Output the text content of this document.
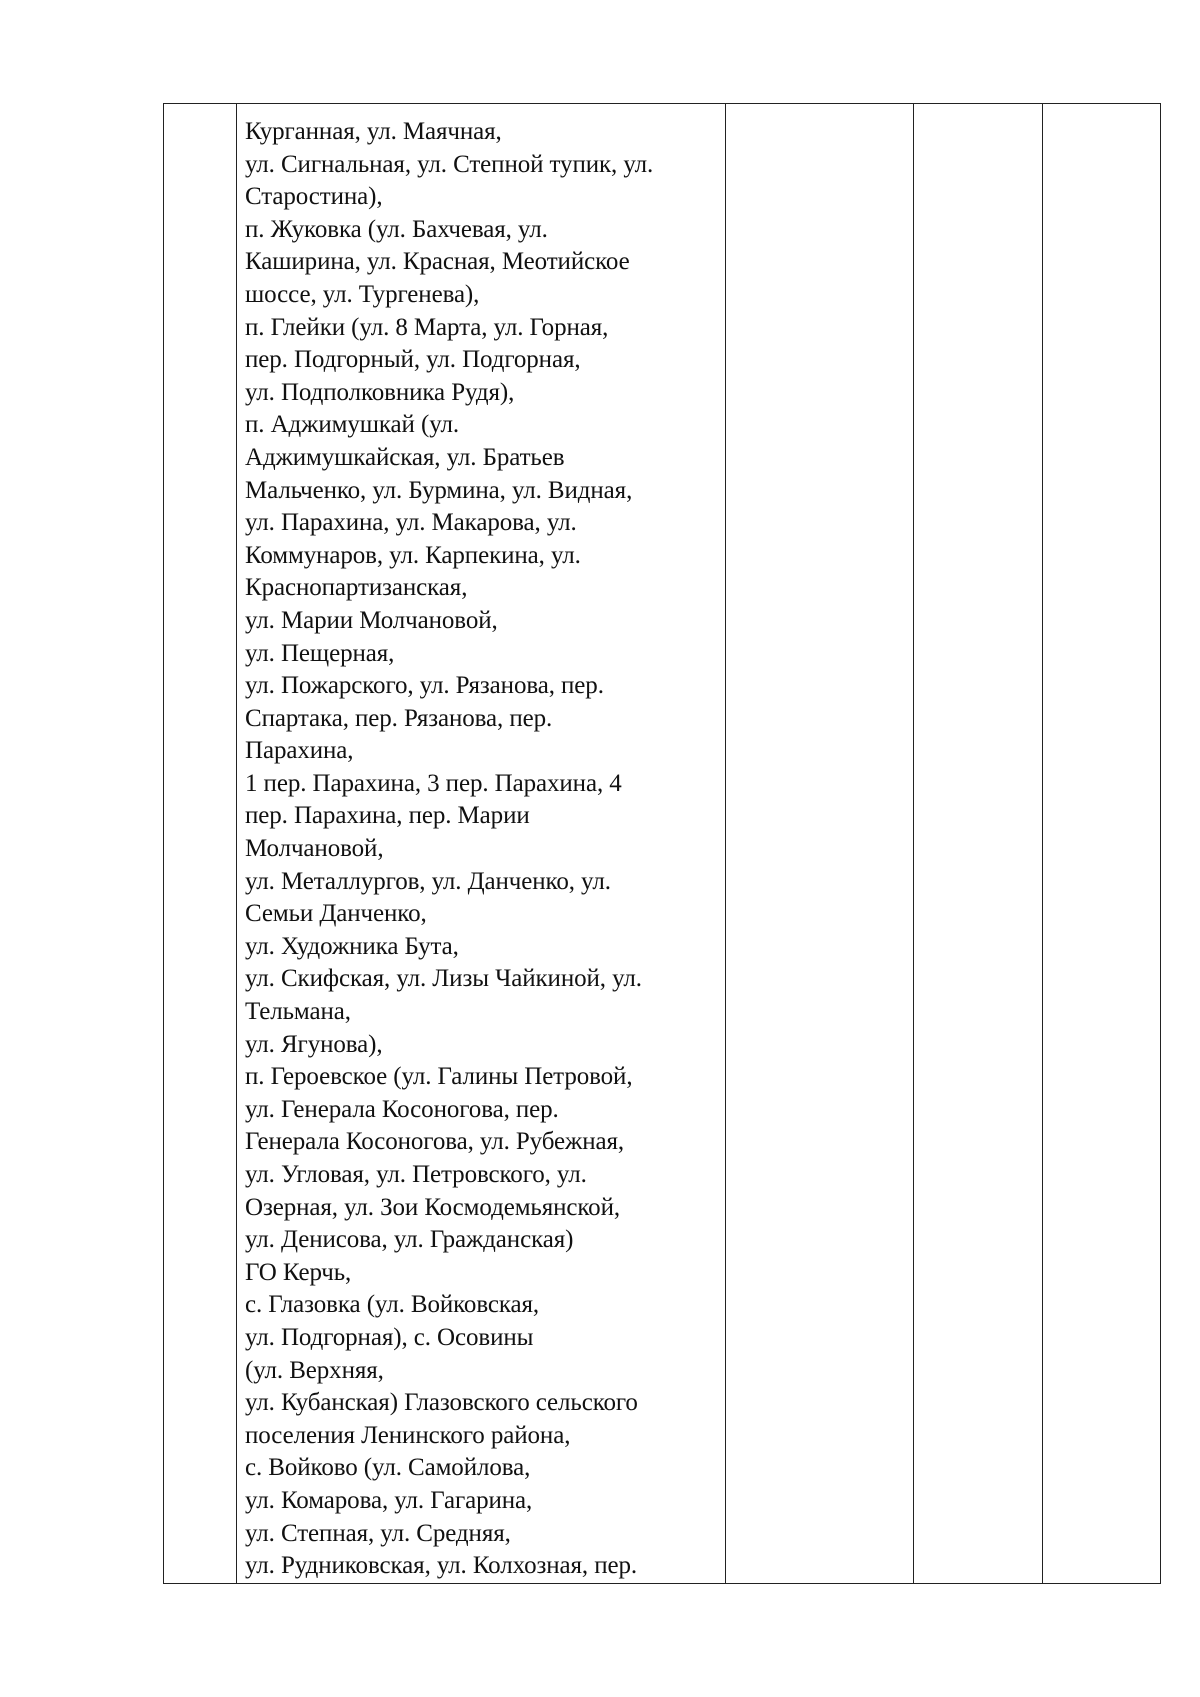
Курганная, ул. Маячная,
ул. Сигнальная, ул. Степной тупик, ул.
Старостина),
п. Жуковка (ул. Бахчевая, ул.
Каширина, ул. Красная, Меотийское
шоссе, ул. Тургенева),
п. Глейки (ул. 8 Марта, ул. Горная,
пер. Подгорный, ул. Подгорная,
ул. Подполковника Рудя),
п. Аджимушкай (ул.
Аджимушкайская, ул. Братьев
Мальченко, ул. Бурмина, ул. Видная,
ул. Парахина, ул. Макарова, ул.
Коммунаров, ул. Карпекина, ул.
Краснопартизанская,
ул. Марии Молчановой,
ул. Пещерная,
ул. Пожарского, ул. Рязанова, пер.
Спартака, пер. Рязанова, пер.
Парахина,
1 пер. Парахина, 3 пер. Парахина, 4
пер. Парахина, пер. Марии
Молчановой,
ул. Металлургов, ул. Данченко, ул.
Семьи Данченко,
ул. Художника Бута,
ул. Скифская, ул. Лизы Чайкиной, ул.
Тельмана,
ул. Ягунова),
п. Героевское (ул. Галины Петровой,
ул. Генерала Косоногова, пер.
Генерала Косоногова, ул. Рубежная,
ул. Угловая, ул. Петровского, ул.
Озерная, ул. Зои Космодемьянской,
ул. Денисова, ул. Гражданская)
ГО Керчь,
с. Глазовка (ул. Войковская,
ул. Подгорная), с. Осовины
(ул. Верхняя,
ул. Кубанская) Глазовского сельского
поселения Ленинского района,
с. Войково (ул. Самойлова,
ул. Комарова, ул. Гагарина,
ул. Степная, ул. Средняя,
ул. Рудниковская, ул. Колхозная, пер.
